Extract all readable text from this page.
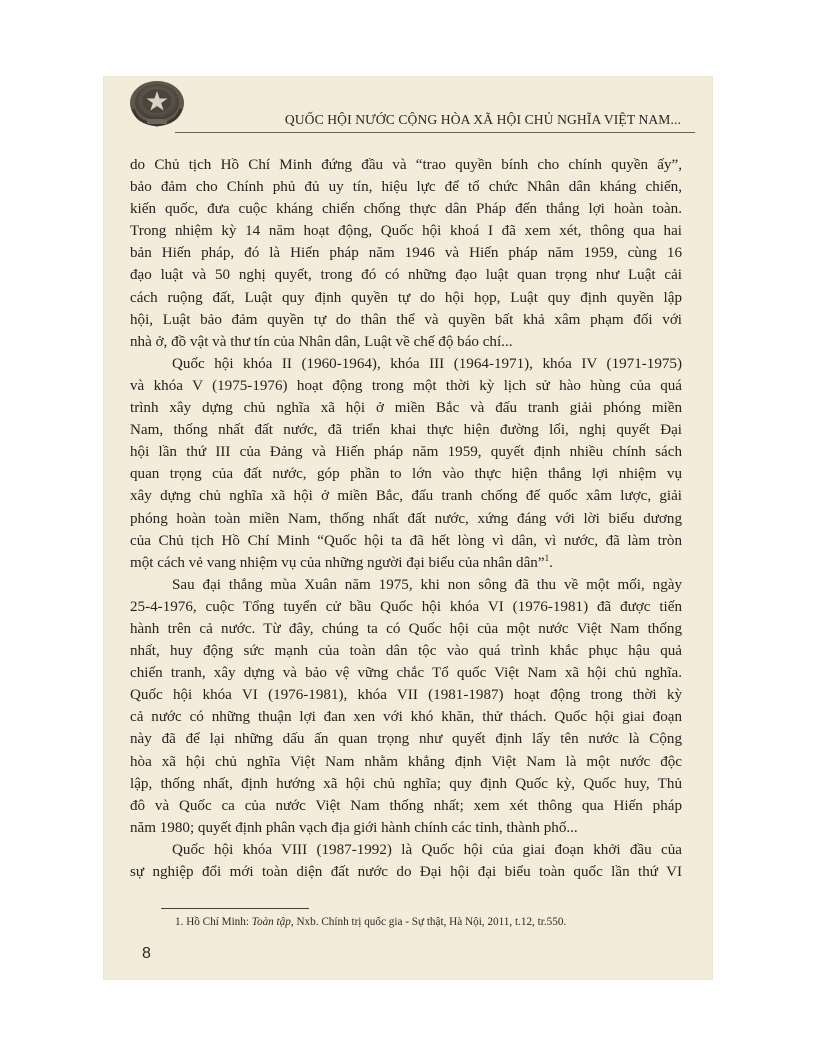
QUỐC HỘI NƯỚC CỘNG HÒA XÃ HỘI CHỦ NGHĨA VIỆT NAM...
do Chủ tịch Hồ Chí Minh đứng đầu và “trao quyền bính cho chính quyền ấy”,
bảo đảm cho Chính phủ đủ uy tín, hiệu lực để tổ chức Nhân dân kháng chiến,
kiến quốc, đưa cuộc kháng chiến chống thực dân Pháp đến thắng lợi hoàn toàn.
Trong nhiệm kỳ 14 năm hoạt động, Quốc hội khoá I đã xem xét, thông qua hai
bản Hiến pháp, đó là Hiến pháp năm 1946 và Hiến pháp năm 1959, cùng 16
đạo luật và 50 nghị quyết, trong đó có những đạo luật quan trọng như Luật cải
cách ruộng đất, Luật quy định quyền tự do hội họp, Luật quy định quyền lập
hội, Luật bảo đảm quyền tự do thân thể và quyền bất khả xâm phạm đối với
nhà ở, đồ vật và thư tín của Nhân dân, Luật về chế độ báo chí...
Quốc hội khóa II (1960-1964), khóa III (1964-1971), khóa IV (1971-1975)
và khóa V (1975-1976) hoạt động trong một thời kỳ lịch sử hào hùng của quá
trình xây dựng chủ nghĩa xã hội ở miền Bắc và đấu tranh giải phóng miền
Nam, thống nhất đất nước, đã triển khai thực hiện đường lối, nghị quyết Đại
hội lần thứ III của Đảng và Hiến pháp năm 1959, quyết định nhiều chính sách
quan trọng của đất nước, góp phần to lớn vào thực hiện thắng lợi nhiệm vụ
xây dựng chủ nghĩa xã hội ở miền Bắc, đấu tranh chống đế quốc xâm lược, giải
phóng hoàn toàn miền Nam, thống nhất đất nước, xứng đáng với lời biểu dương
của Chủ tịch Hồ Chí Minh “Quốc hội ta đã hết lòng vì dân, vì nước, đã làm tròn
một cách vẻ vang nhiệm vụ của những người đại biểu của nhân dân”$^1$.
Sau đại thắng mùa Xuân năm 1975, khi non sông đã thu về một mối, ngày
25-4-1976, cuộc Tổng tuyển cử bầu Quốc hội khóa VI (1976-1981) đã được tiến
hành trên cả nước. Từ đây, chúng ta có Quốc hội của một nước Việt Nam thống
nhất, huy động sức mạnh của toàn dân tộc vào quá trình khắc phục hậu quả
chiến tranh, xây dựng và bảo vệ vững chắc Tổ quốc Việt Nam xã hội chủ nghĩa.
Quốc hội khóa VI (1976-1981), khóa VII (1981-1987) hoạt động trong thời kỳ
cả nước có những thuận lợi đan xen với khó khăn, thử thách. Quốc hội giai đoạn
này đã để lại những dấu ấn quan trọng như quyết định lấy tên nước là Cộng
hòa xã hội chủ nghĩa Việt Nam nhằm khẳng định Việt Nam là một nước độc
lập, thống nhất, định hướng xã hội chủ nghĩa; quy định Quốc kỳ, Quốc huy, Thủ
đô và Quốc ca của nước Việt Nam thống nhất; xem xét thông qua Hiến pháp
năm 1980; quyết định phân vạch địa giới hành chính các tỉnh, thành phố...
Quốc hội khóa VIII (1987-1992) là Quốc hội của giai đoạn khởi đầu của
sự nghiệp đổi mới toàn diện đất nước do Đại hội đại biểu toàn quốc lần thứ VI
1. Hồ Chí Minh: Toàn tập, Nxb. Chính trị quốc gia - Sự thật, Hà Nội, 2011, t.12, tr.550.
8
